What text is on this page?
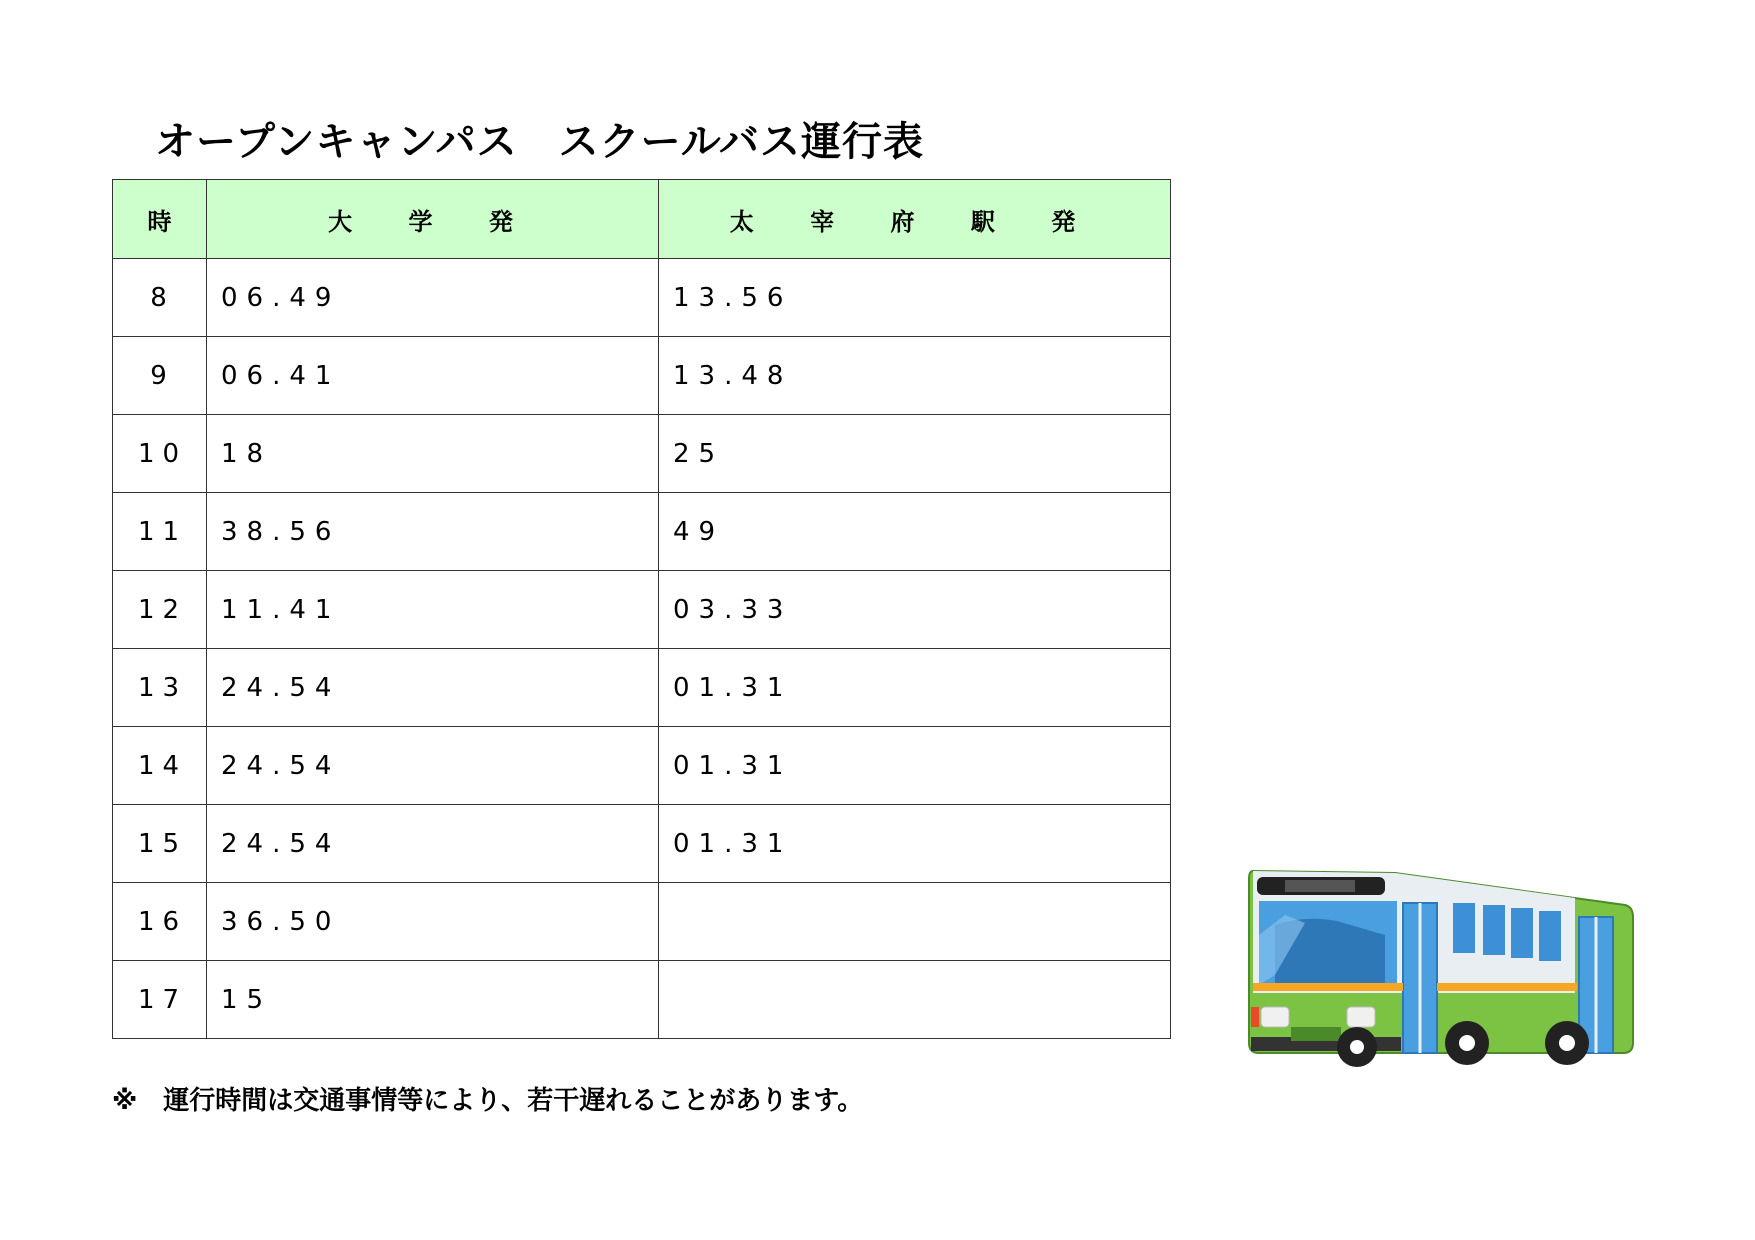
オープンキャンパス　スクールバス運行表
時	大 学 発	太 宰 府 駅 発
8	06.49	13.56
9	06.41	13.48
10	18	25
11	38.56	49
12	11.41	03.33
13	24.54	01.31
14	24.54	01.31
15	24.54	01.31
16	36.50	
17	15	
※　運行時間は交通事情等により、若干遅れることがあります。
